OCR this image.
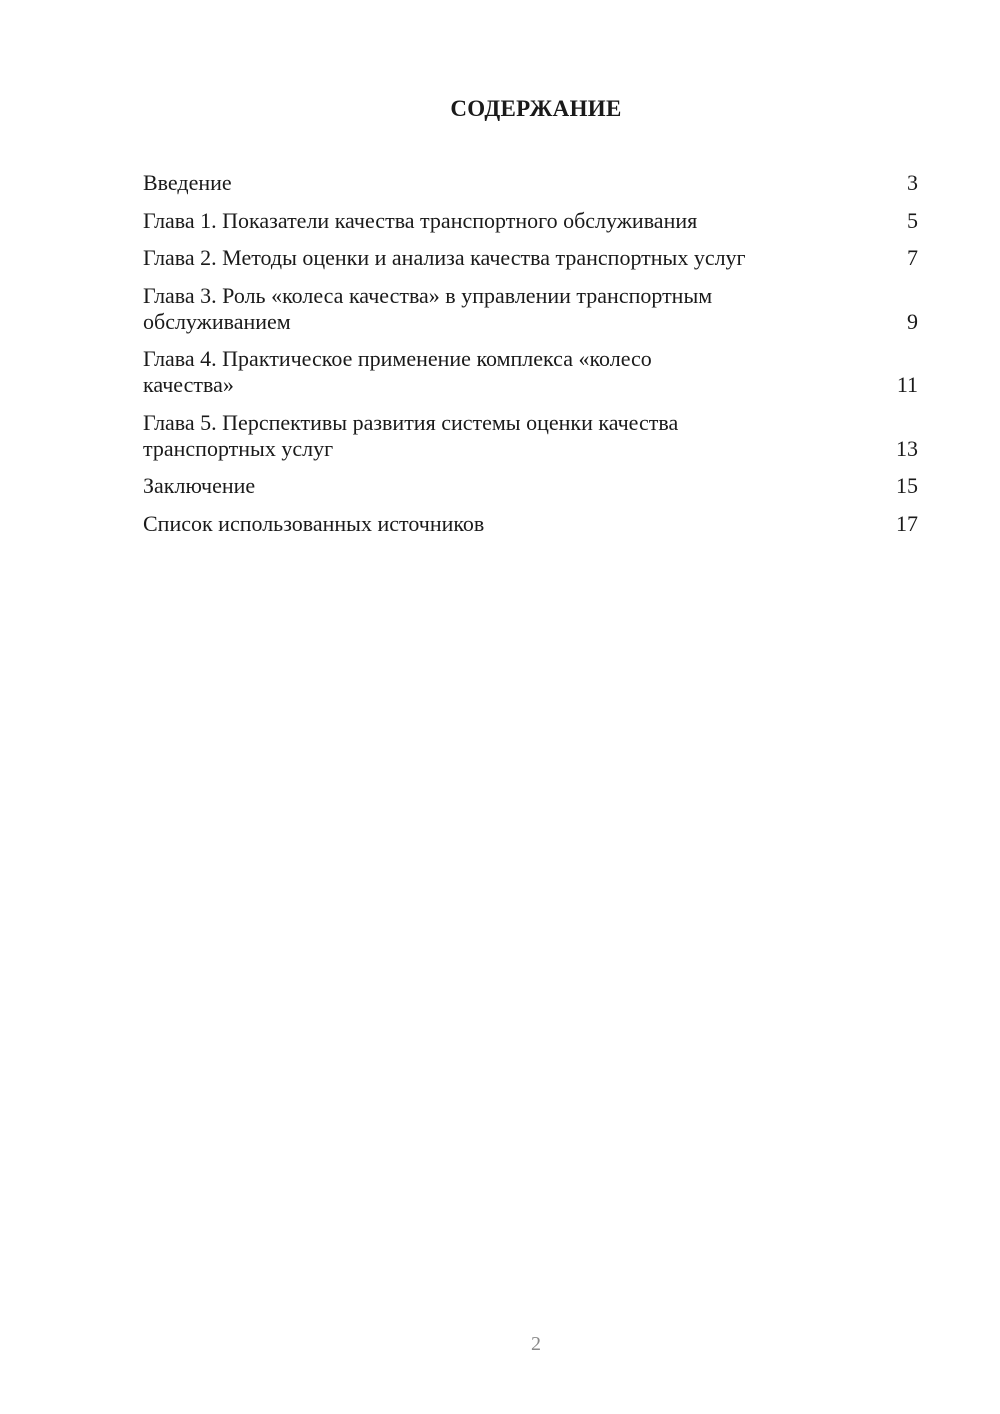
СОДЕРЖАНИЕ
Введение	3
Глава 1. Показатели качества транспортного обслуживания	5
Глава 2. Методы оценки и анализа качества транспортных услуг	7
Глава 3. Роль «колеса качества» в управлении транспортным обслуживанием	9
Глава 4. Практическое применение комплекса «колесо качества»	11
Глава 5. Перспективы развития системы оценки качества транспортных услуг	13
Заключение	15
Список использованных источников	17
2
